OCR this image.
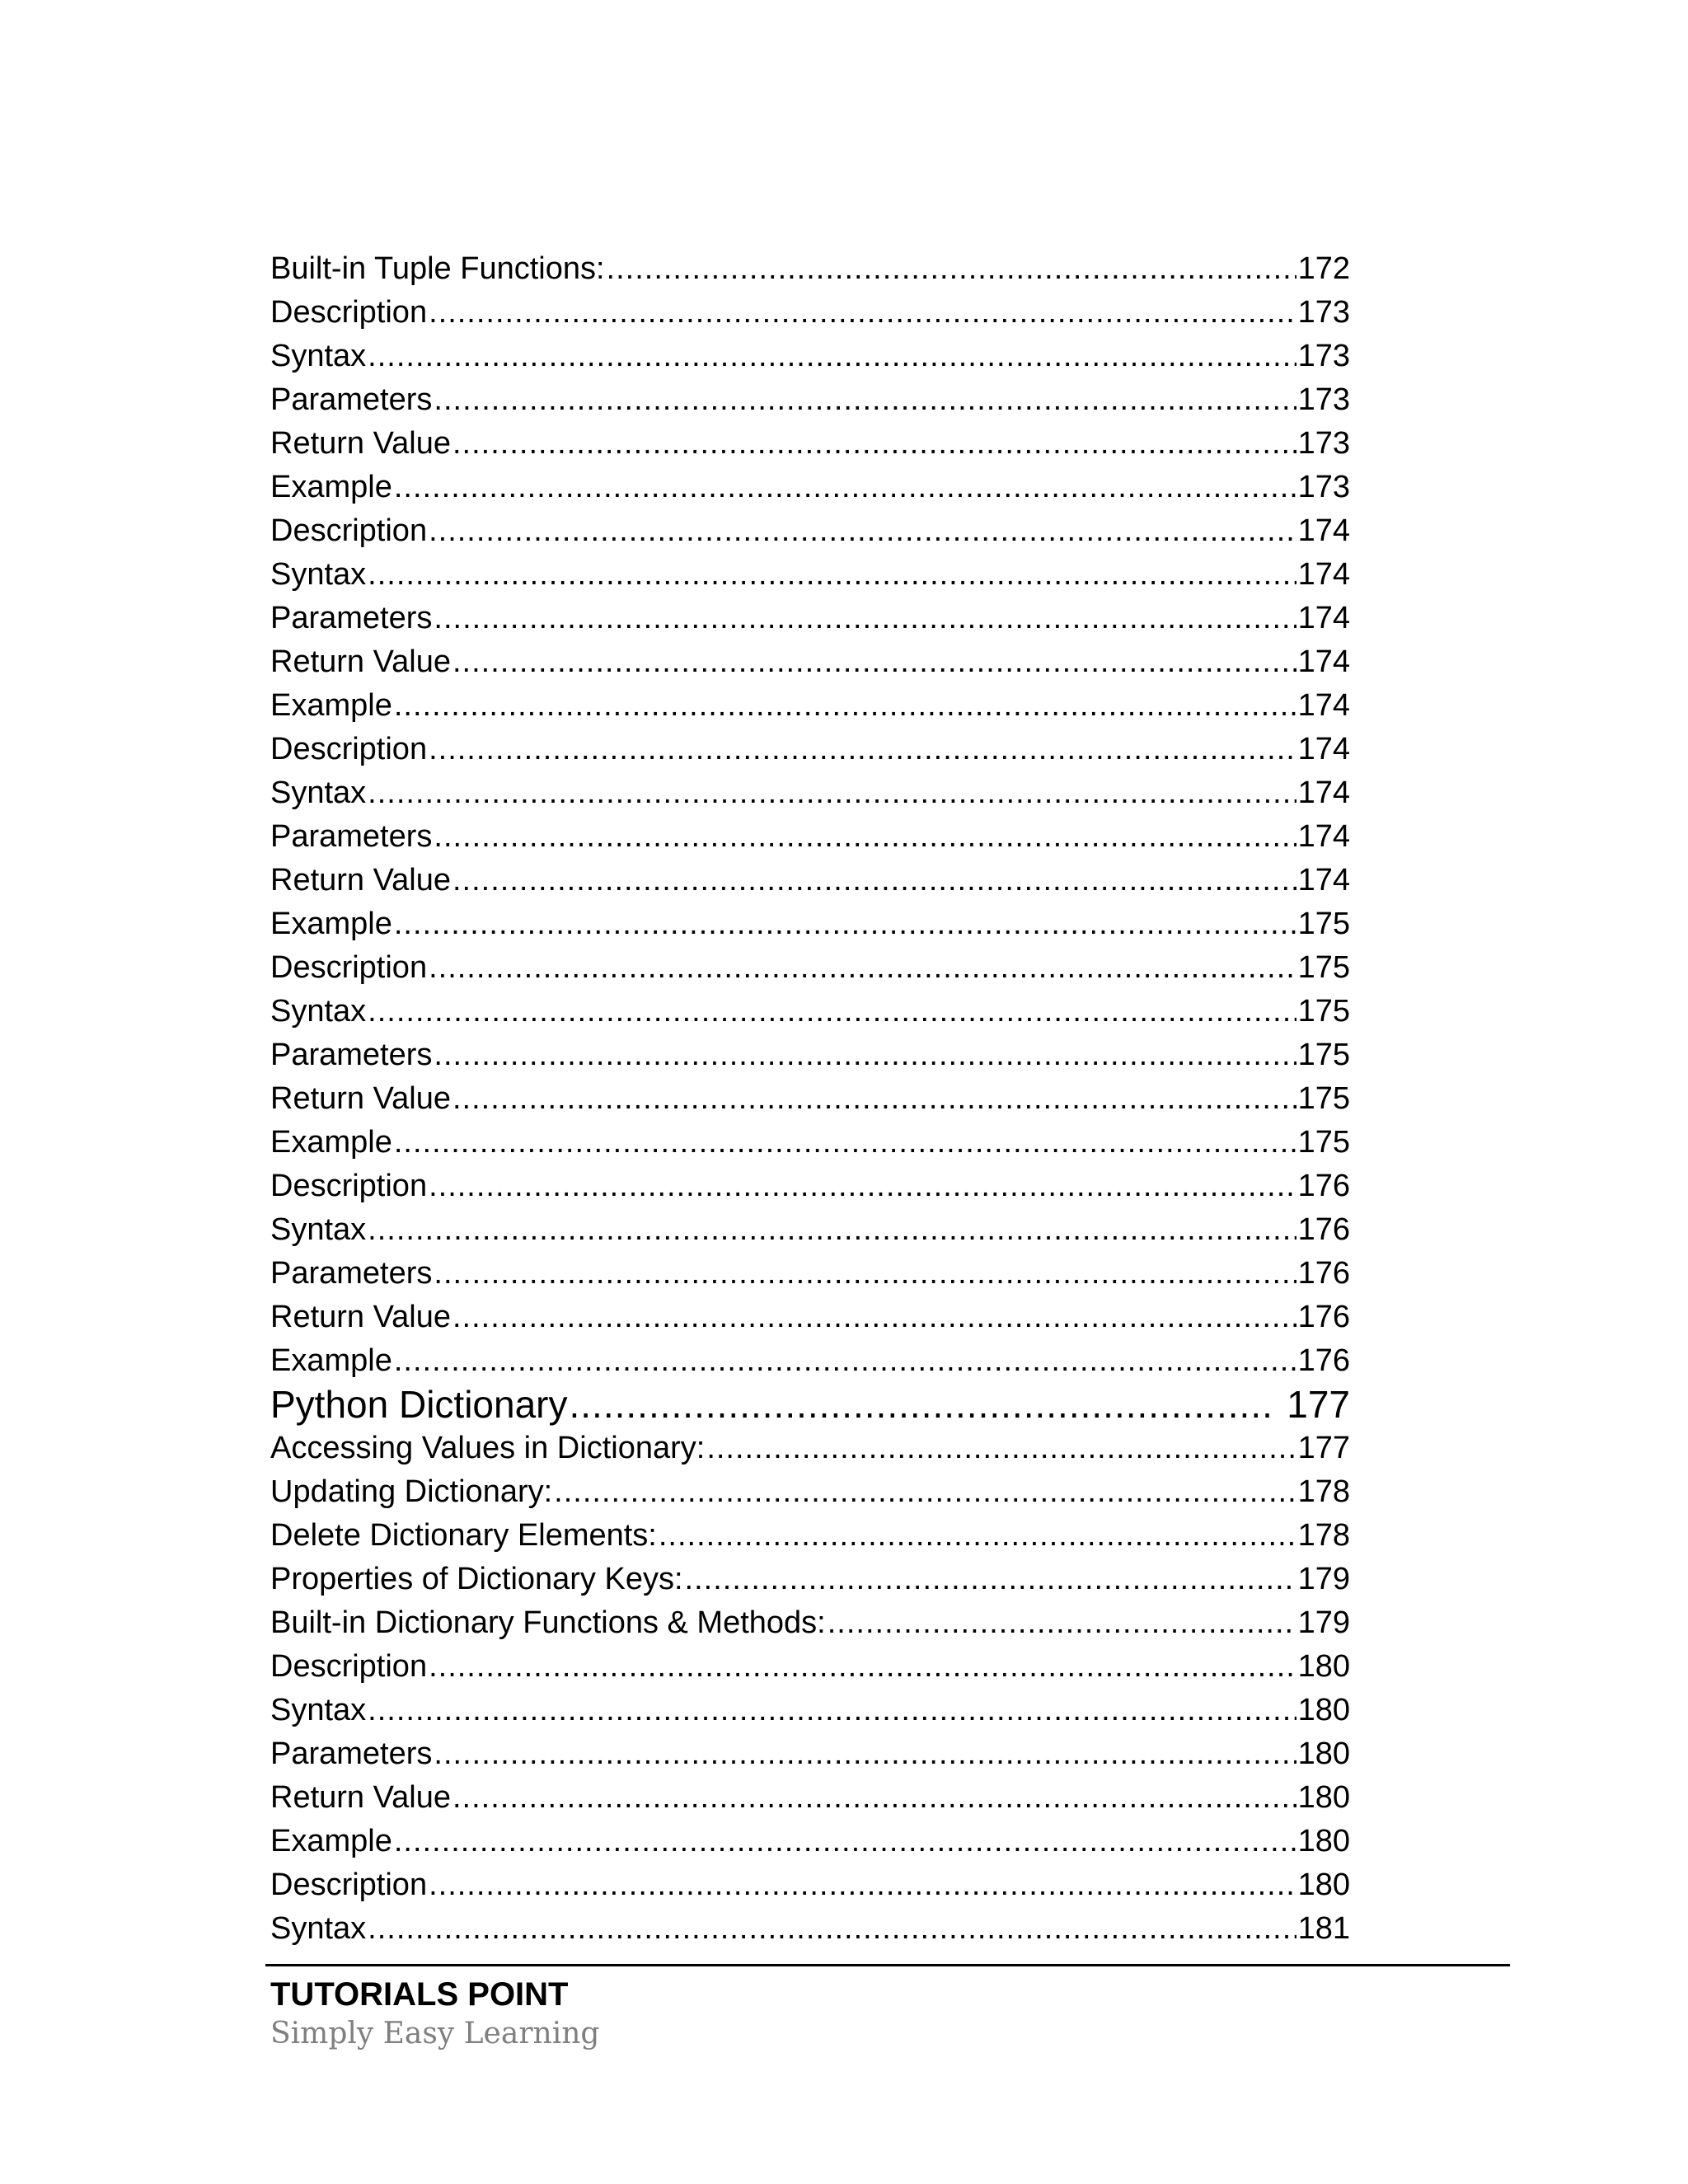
Built-in Tuple Functions: .....	172
Description .....	173
Syntax .....	173
Parameters .....	173
Return Value .....	173
Example .....	173
Description .....	174
Syntax .....	174
Parameters .....	174
Return Value .....	174
Example .....	174
Description .....	174
Syntax .....	174
Parameters .....	174
Return Value .....	174
Example .....	175
Description .....	175
Syntax .....	175
Parameters .....	175
Return Value .....	175
Example .....	175
Description .....	176
Syntax .....	176
Parameters .....	176
Return Value .....	176
Example .....	176
Python Dictionary .....	177
Accessing Values in Dictionary: .....	177
Updating Dictionary: .....	178
Delete Dictionary Elements: .....	178
Properties of Dictionary Keys: .....	179
Built-in Dictionary Functions & Methods: .....	179
Description .....	180
Syntax .....	180
Parameters .....	180
Return Value .....	180
Example .....	180
Description .....	180
Syntax .....	181
TUTORIALS POINT
Simply Easy Learning
